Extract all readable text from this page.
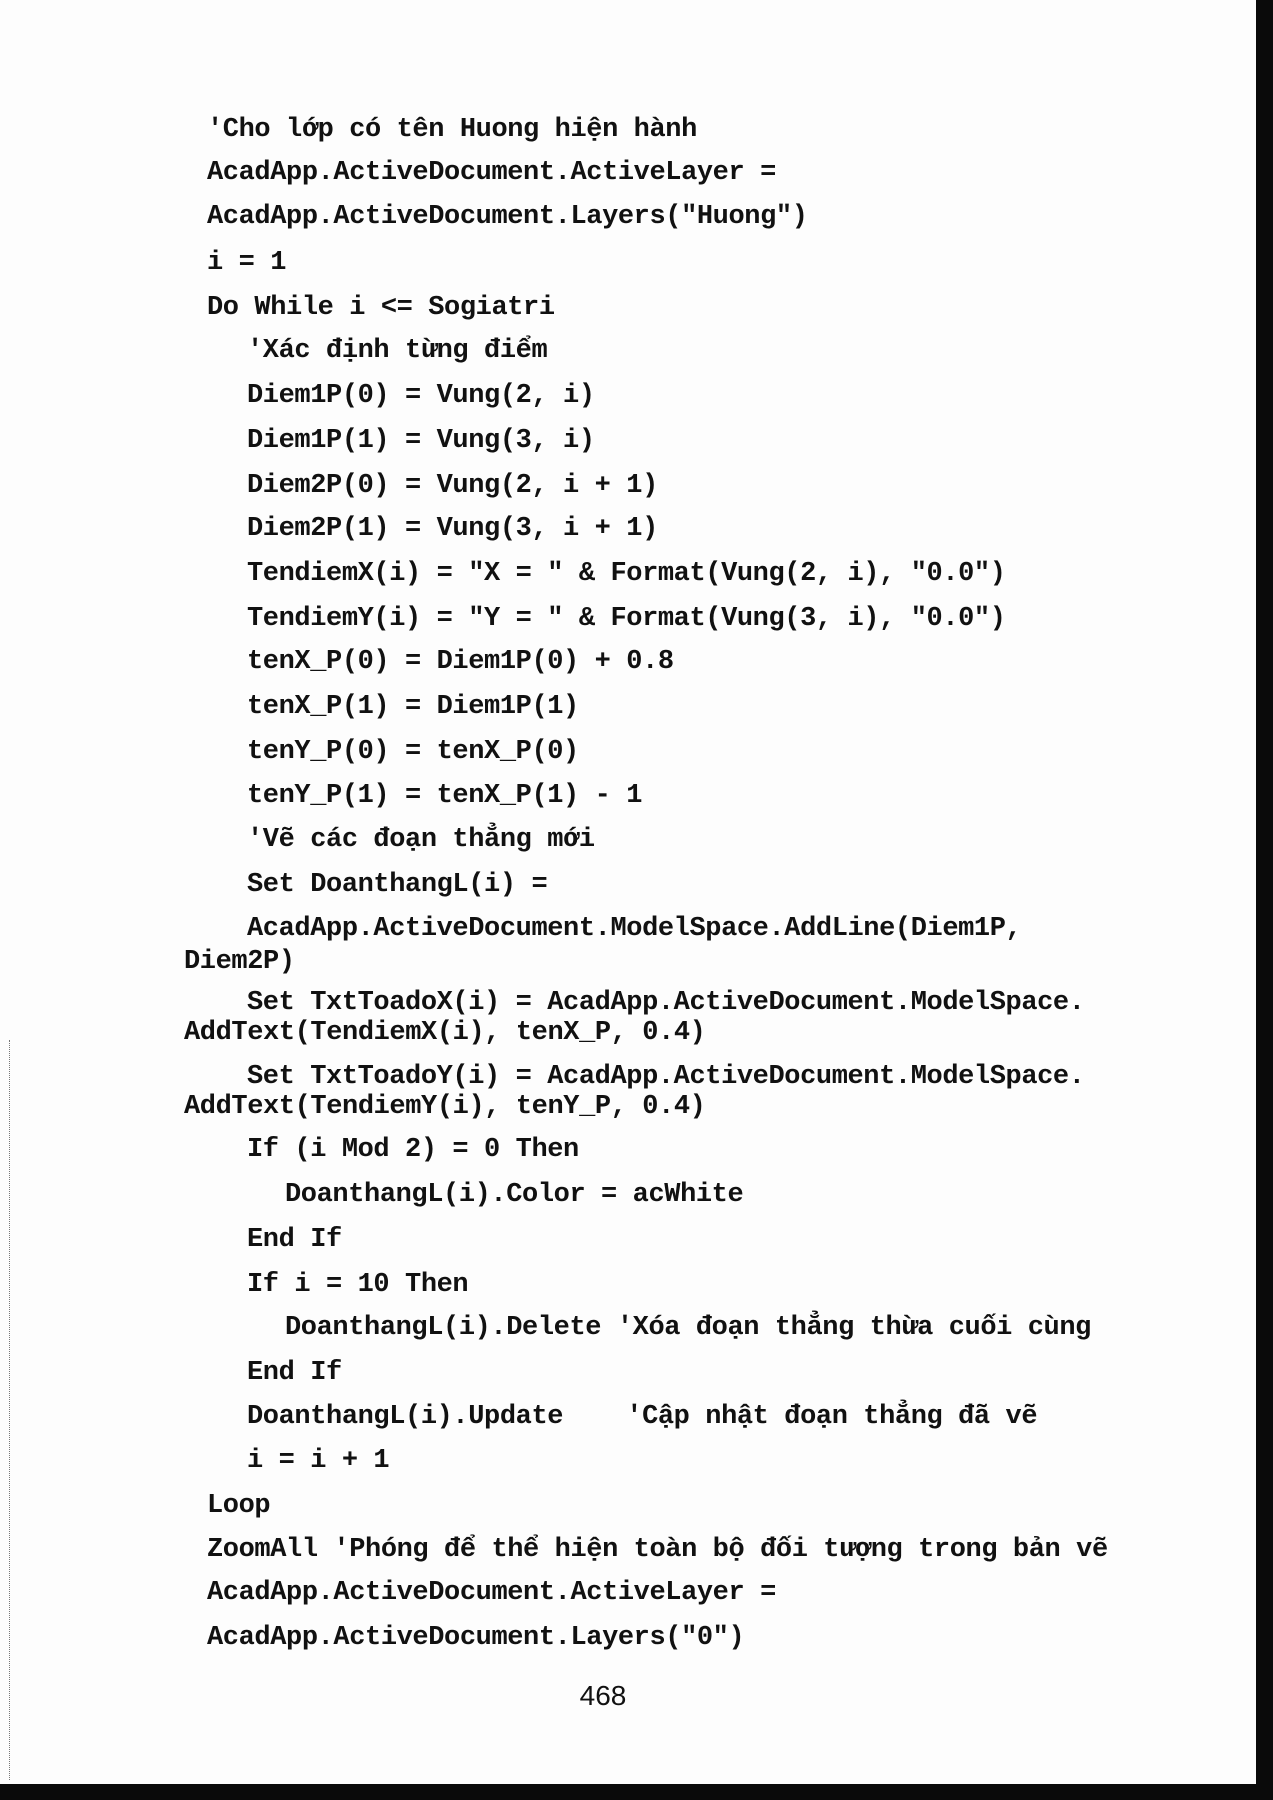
'Cho lớp có tên Huong hiện hành
AcadApp.ActiveDocument.ActiveLayer =
AcadApp.ActiveDocument.Layers("Huong")
i = 1
Do While i <= Sogiatri
'Xác định từng điểm
Diem1P(0) = Vung(2, i)
Diem1P(1) = Vung(3, i)
Diem2P(0) = Vung(2, i + 1)
Diem2P(1) = Vung(3, i + 1)
TendiemX(i) = "X = " & Format(Vung(2, i), "0.0")
TendiemY(i) = "Y = " & Format(Vung(3, i), "0.0")
tenX_P(0) = Diem1P(0) + 0.8
tenX_P(1) = Diem1P(1)
tenY_P(0) = tenX_P(0)
tenY_P(1) = tenX_P(1) - 1
'Vẽ các đoạn thẳng mới
Set DoanthangL(i) =
AcadApp.ActiveDocument.ModelSpace.AddLine(Diem1P,
Diem2P)
Set TxtToadoX(i) = AcadApp.ActiveDocument.ModelSpace.
AddText(TendiemX(i), tenX_P, 0.4)
Set TxtToadoY(i) = AcadApp.ActiveDocument.ModelSpace.
AddText(TendiemY(i), tenY_P, 0.4)
If (i Mod 2) = 0 Then
DoanthangL(i).Color = acWhite
End If
If i = 10 Then
DoanthangL(i).Delete 'Xóa đoạn thẳng thừa cuối cùng
End If
DoanthangL(i).Update    'Cập nhật đoạn thẳng đã vẽ
i = i + 1
Loop
ZoomAll 'Phóng để thể hiện toàn bộ đối tượng trong bản vẽ
AcadApp.ActiveDocument.ActiveLayer =
AcadApp.ActiveDocument.Layers("0")
468
